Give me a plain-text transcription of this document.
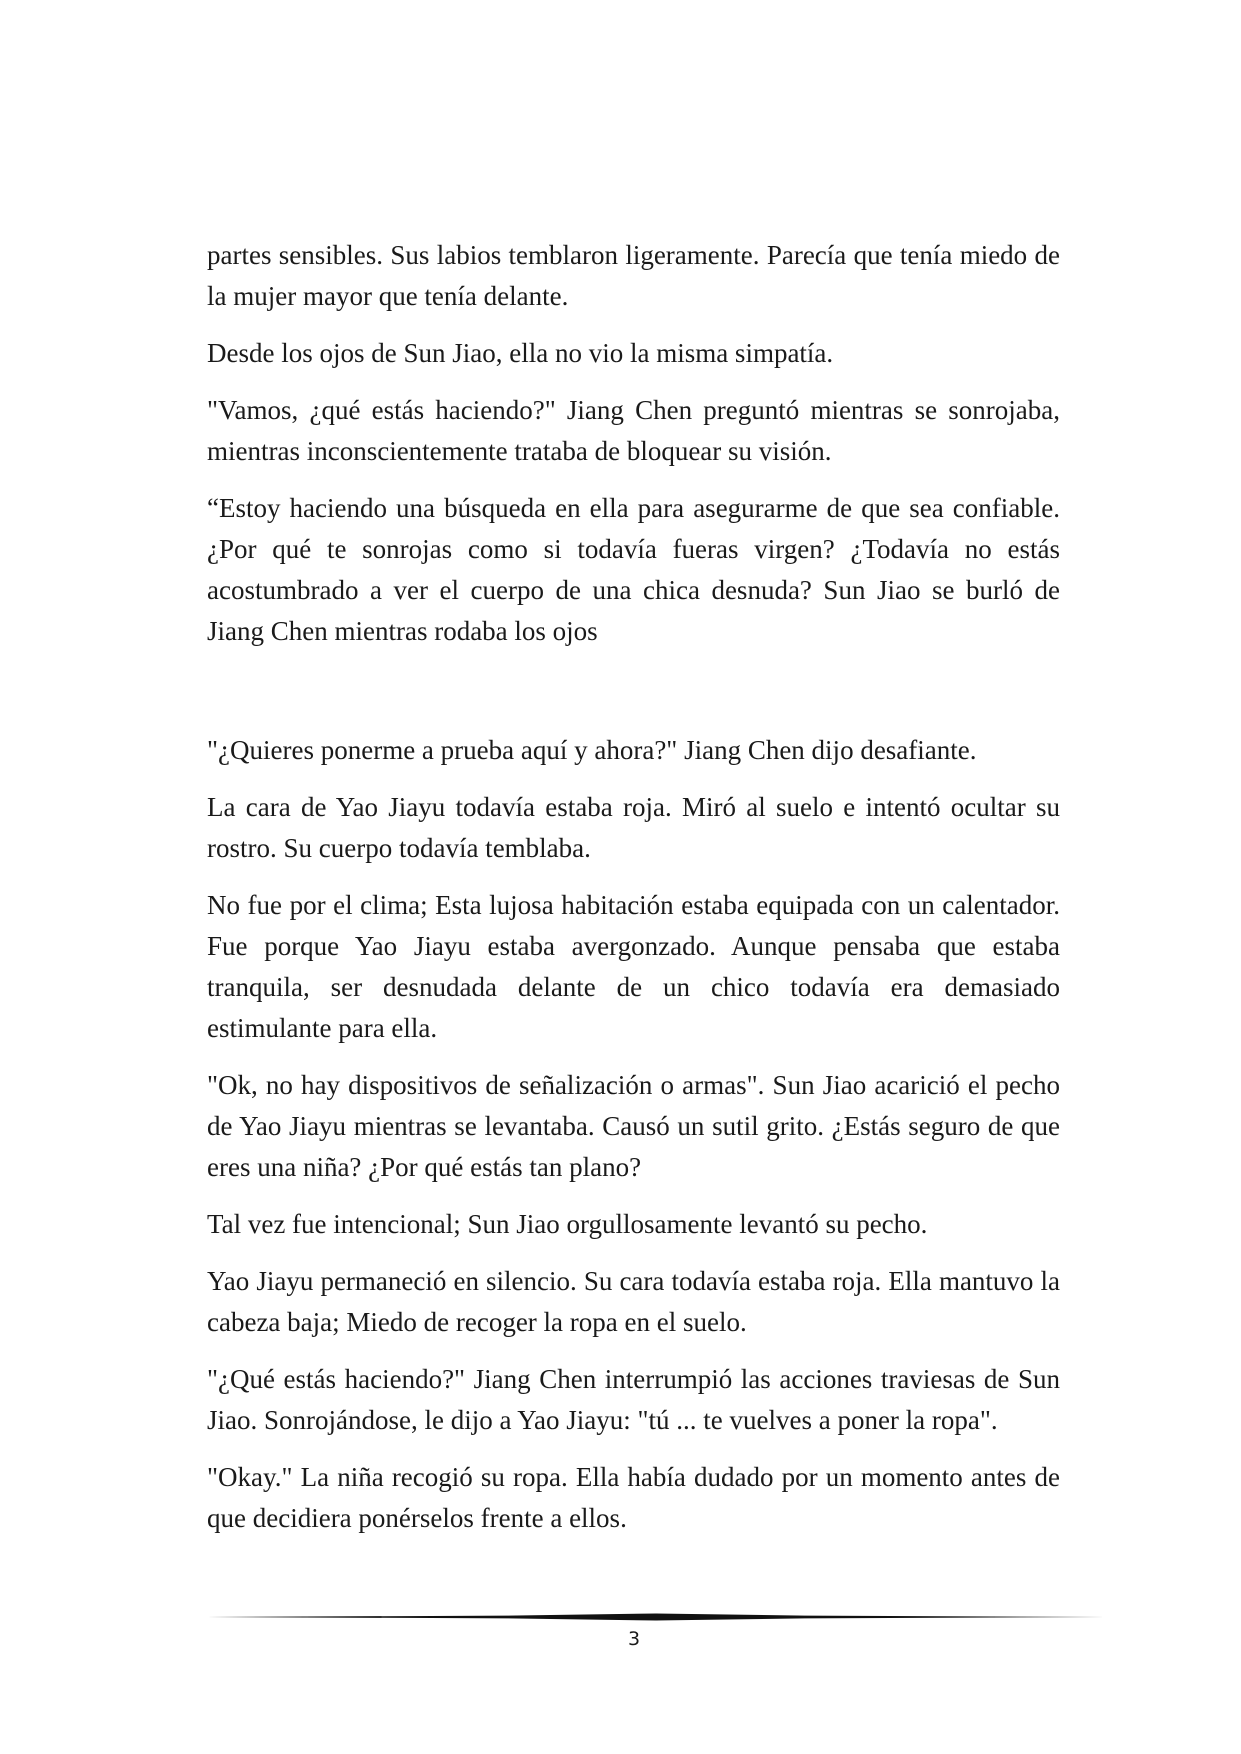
partes sensibles. Sus labios temblaron ligeramente. Parecía que tenía miedo de la mujer mayor que tenía delante.

Desde los ojos de Sun Jiao, ella no vio la misma simpatía.

"Vamos, ¿qué estás haciendo?" Jiang Chen preguntó mientras se sonrojaba, mientras inconscientemente trataba de bloquear su visión.

“Estoy haciendo una búsqueda en ella para asegurarme de que sea confiable. ¿Por qué te sonrojas como si todavía fueras virgen? ¿Todavía no estás acostumbrado a ver el cuerpo de una chica desnuda? Sun Jiao se burló de Jiang Chen mientras rodaba los ojos

"¿Quieres ponerme a prueba aquí y ahora?" Jiang Chen dijo desafiante.

La cara de Yao Jiayu todavía estaba roja. Miró al suelo e intentó ocultar su rostro. Su cuerpo todavía temblaba.

No fue por el clima; Esta lujosa habitación estaba equipada con un calentador. Fue porque Yao Jiayu estaba avergonzado. Aunque pensaba que estaba tranquila, ser desnudada delante de un chico todavía era demasiado estimulante para ella.

"Ok, no hay dispositivos de señalización o armas". Sun Jiao acarició el pecho de Yao Jiayu mientras se levantaba. Causó un sutil grito. ¿Estás seguro de que eres una niña? ¿Por qué estás tan plano?

Tal vez fue intencional; Sun Jiao orgullosamente levantó su pecho.

Yao Jiayu permaneció en silencio. Su cara todavía estaba roja. Ella mantuvo la cabeza baja; Miedo de recoger la ropa en el suelo.

"¿Qué estás haciendo?" Jiang Chen interrumpió las acciones traviesas de Sun Jiao. Sonrojándose, le dijo a Yao Jiayu: "tú ... te vuelves a poner la ropa".

"Okay." La niña recogió su ropa. Ella había dudado por un momento antes de que decidiera ponérselos frente a ellos.

3
